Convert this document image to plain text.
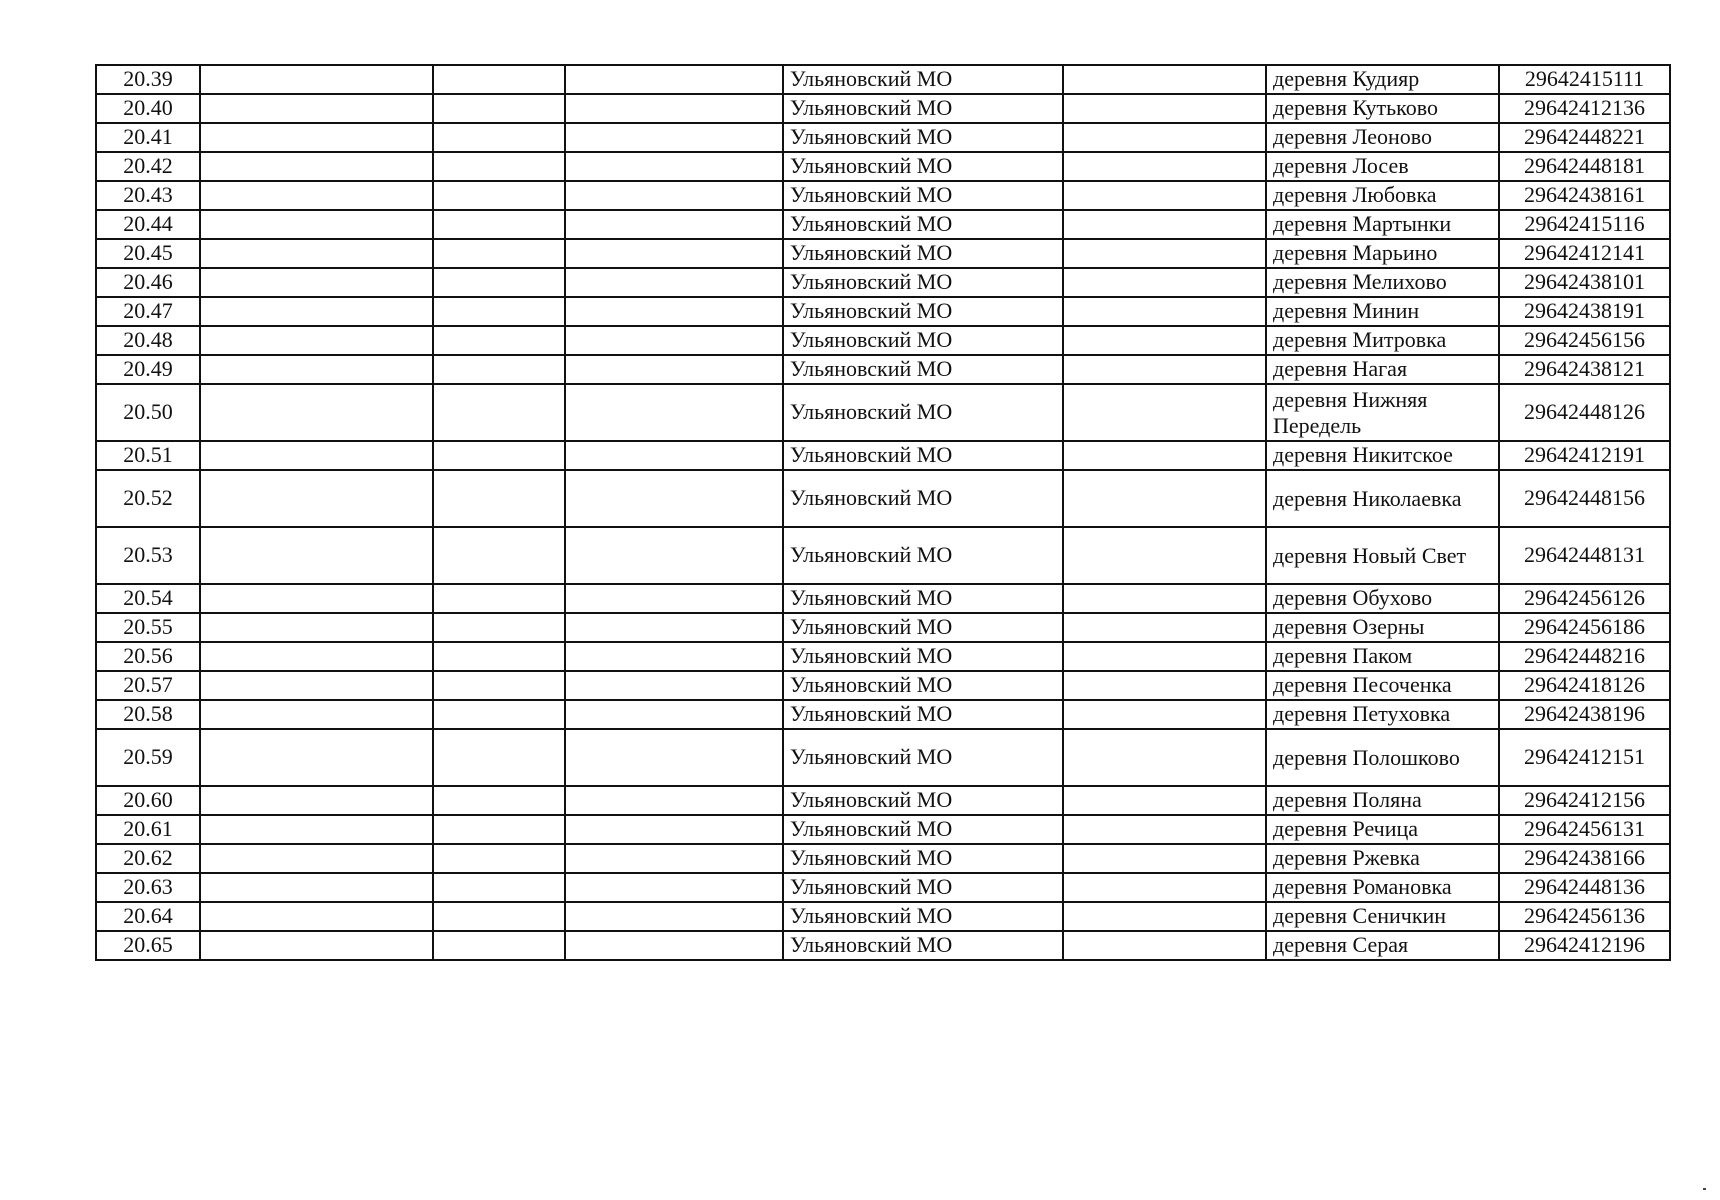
20.39				Ульяновский МО		деревня Кудияр	29642415111
20.40				Ульяновский МО		деревня Кутьково	29642412136
20.41				Ульяновский МО		деревня Леоново	29642448221
20.42				Ульяновский МО		деревня Лосев	29642448181
20.43				Ульяновский МО		деревня Любовка	29642438161
20.44				Ульяновский МО		деревня Мартынки	29642415116
20.45				Ульяновский МО		деревня Марьино	29642412141
20.46				Ульяновский МО		деревня Мелихово	29642438101
20.47				Ульяновский МО		деревня Минин	29642438191
20.48				Ульяновский МО		деревня Митровка	29642456156
20.49				Ульяновский МО		деревня Нагая	29642438121
20.50				Ульяновский МО		деревня Нижняя Передель	29642448126
20.51				Ульяновский МО		деревня Никитское	29642412191
20.52				Ульяновский МО		деревня Николаевка	29642448156
20.53				Ульяновский МО		деревня Новый Свет	29642448131
20.54				Ульяновский МО		деревня Обухово	29642456126
20.55				Ульяновский МО		деревня Озерны	29642456186
20.56				Ульяновский МО		деревня Паком	29642448216
20.57				Ульяновский МО		деревня Песоченка	29642418126
20.58				Ульяновский МО		деревня Петуховка	29642438196
20.59				Ульяновский МО		деревня Полошково	29642412151
20.60				Ульяновский МО		деревня Поляна	29642412156
20.61				Ульяновский МО		деревня Речица	29642456131
20.62				Ульяновский МО		деревня Ржевка	29642438166
20.63				Ульяновский МО		деревня Романовка	29642448136
20.64				Ульяновский МО		деревня Сеничкин	29642456136
20.65				Ульяновский МО		деревня Серая	29642412196
